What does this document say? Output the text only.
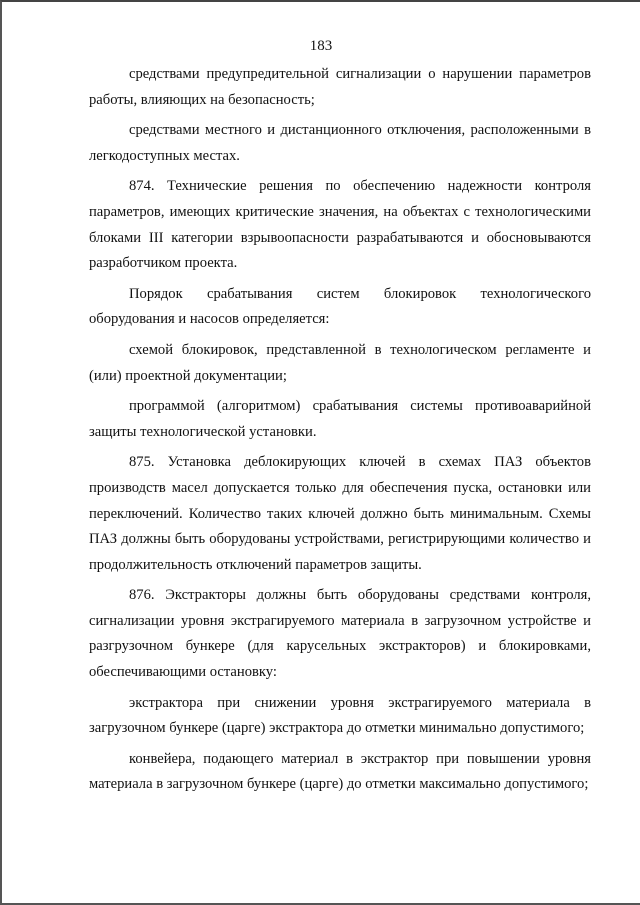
183

средствами предупредительной сигнализации о нарушении параметров работы, влияющих на безопасность;

средствами местного и дистанционного отключения, расположенными в легкодоступных местах.

874. Технические решения по обеспечению надежности контроля параметров, имеющих критические значения, на объектах с технологическими блоками III категории взрывоопасности разрабатываются и обосновываются разработчиком проекта.

Порядок срабатывания систем блокировок технологического оборудования и насосов определяется:

схемой блокировок, представленной в технологическом регламенте и (или) проектной документации;

программой (алгоритмом) срабатывания системы противоаварийной защиты технологической установки.

875. Установка деблокирующих ключей в схемах ПАЗ объектов производств масел допускается только для обеспечения пуска, остановки или переключений. Количество таких ключей должно быть минимальным. Схемы ПАЗ должны быть оборудованы устройствами, регистрирующими количество и продолжительность отключений параметров защиты.

876. Экстракторы должны быть оборудованы средствами контроля, сигнализации уровня экстрагируемого материала в загрузочном устройстве и разгрузочном бункере (для карусельных экстракторов) и блокировками, обеспечивающими остановку:

экстрактора при снижении уровня экстрагируемого материала в загрузочном бункере (царге) экстрактора до отметки минимально допустимого;

конвейера, подающего материал в экстрактор при повышении уровня материала в загрузочном бункере (царге) до отметки максимально допустимого;
